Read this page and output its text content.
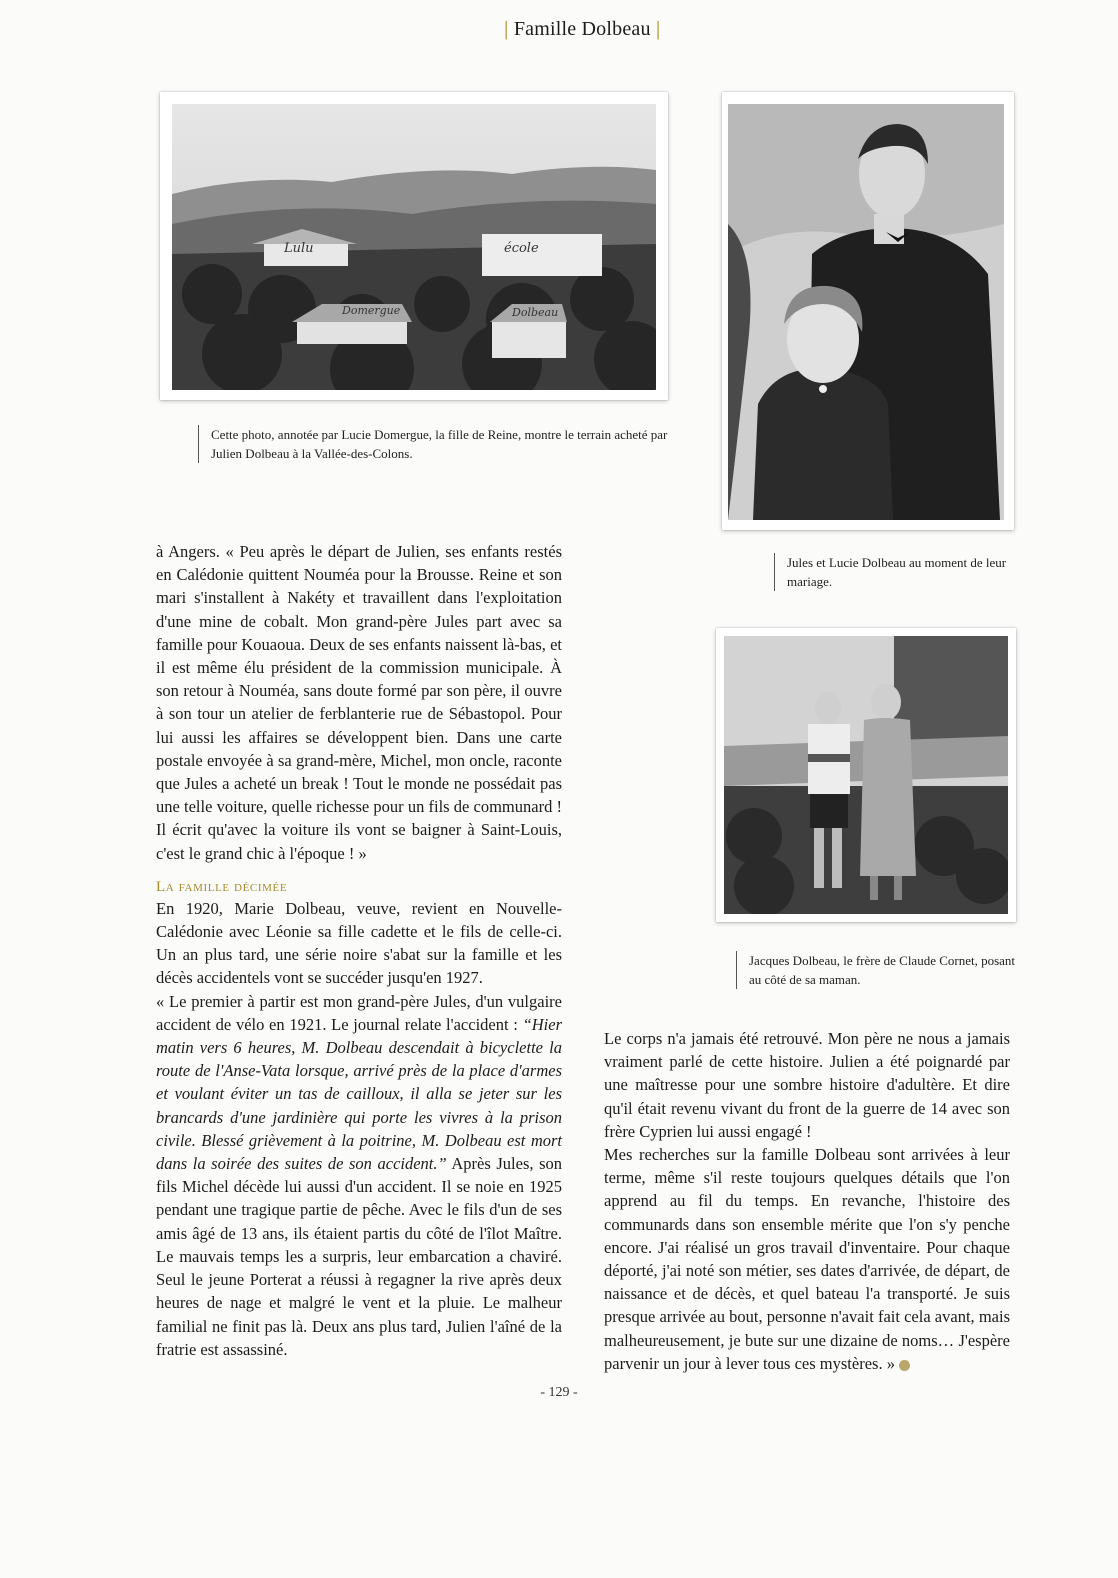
| Famille Dolbeau |
Lulu	école
Domergue	Dolbeau
Cette photo, annotée par Lucie Domergue, la fille de Reine, montre le terrain acheté par Julien Dolbeau à la Vallée-des-Colons.
Jules et Lucie Dolbeau au moment de leur mariage.
Jacques Dolbeau, le frère de Claude Cornet, posant au côté de sa maman.

à Angers. « Peu après le départ de Julien, ses enfants restés en Calédonie quittent Nouméa pour la Brousse. Reine et son mari s'installent à Nakéty et travaillent dans l'exploitation d'une mine de cobalt. Mon grand-père Jules part avec sa famille pour Kouaoua. Deux de ses enfants naissent là-bas, et il est même élu président de la commission municipale. À son retour à Nouméa, sans doute formé par son père, il ouvre à son tour un atelier de ferblanterie rue de Sébastopol. Pour lui aussi les affaires se développent bien. Dans une carte postale envoyée à sa grand-mère, Michel, mon oncle, raconte que Jules a acheté un break ! Tout le monde ne possédait pas une telle voiture, quelle richesse pour un fils de communard ! Il écrit qu'avec la voiture ils vont se baigner à Saint-Louis, c'est le grand chic à l'époque ! »

La famille décimée

En 1920, Marie Dolbeau, veuve, revient en Nouvelle-Calédonie avec Léonie sa fille cadette et le fils de celle-ci. Un an plus tard, une série noire s'abat sur la famille et les décès accidentels vont se succéder jusqu'en 1927.

« Le premier à partir est mon grand-père Jules, d'un vulgaire accident de vélo en 1921. Le journal relate l'accident : “Hier matin vers 6 heures, M. Dolbeau descendait à bicyclette la route de l'Anse-Vata lorsque, arrivé près de la place d'armes et voulant éviter un tas de cailloux, il alla se jeter sur les brancards d'une jardinière qui porte les vivres à la prison civile. Blessé grièvement à la poitrine, M. Dolbeau est mort dans la soirée des suites de son accident.” Après Jules, son fils Michel décède lui aussi d'un accident. Il se noie en 1925 pendant une tragique partie de pêche. Avec le fils d'un de ses amis âgé de 13 ans, ils étaient partis du côté de l'îlot Maître. Le mauvais temps les a surpris, leur embarcation a chaviré. Seul le jeune Porterat a réussi à regagner la rive après deux heures de nage et malgré le vent et la pluie. Le malheur familial ne finit pas là. Deux ans plus tard, Julien l'aîné de la fratrie est assassiné.

Le corps n'a jamais été retrouvé. Mon père ne nous a jamais vraiment parlé de cette histoire. Julien a été poignardé par une maîtresse pour une sombre histoire d'adultère. Et dire qu'il était revenu vivant du front de la guerre de 14 avec son frère Cyprien lui aussi engagé !

Mes recherches sur la famille Dolbeau sont arrivées à leur terme, même s'il reste toujours quelques détails que l'on apprend au fil du temps. En revanche, l'histoire des communards dans son ensemble mérite que l'on s'y penche encore. J'ai réalisé un gros travail d'inventaire. Pour chaque déporté, j'ai noté son métier, ses dates d'arrivée, de départ, de naissance et de décès, et quel bateau l'a transporté. Je suis presque arrivée au bout, personne n'avait fait cela avant, mais malheureusement, je bute sur une dizaine de noms… J'espère parvenir un jour à lever tous ces mystères. »

- 129 -
